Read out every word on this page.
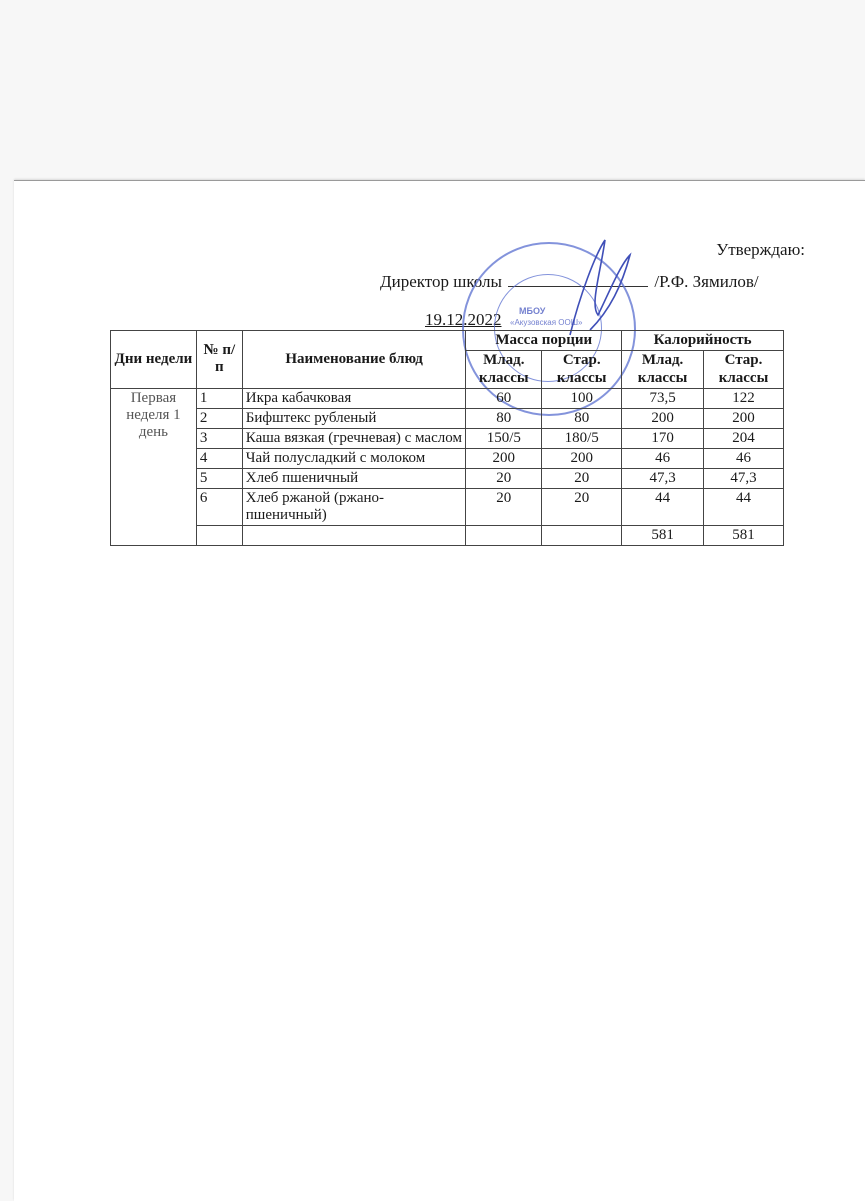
Утверждаю:
Директор школы	/Р.Ф. Зямилов/
19.12.2022 МБОУ
«Акузовская ООШ»
Дни недели	№ п/п	Наименование блюд	Масса порции		Калорийность	
			Млад. классы	Стар. классы	Млад. классы	Стар. классы
Первая неделя 1 день	1	Икра кабачковая	60	100	73,5	122
	2	Бифштекс рубленый	80	80	200	200
	3	Каша вязкая (гречневая) с маслом	150/5	180/5	170	204
	4	Чай полусладкий с молоком	200	200	46	46
	5	Хлеб пшеничный	20	20	47,3	47,3
	6	Хлеб ржаной (ржано-пшеничный)	20	20	44	44
					581	581
